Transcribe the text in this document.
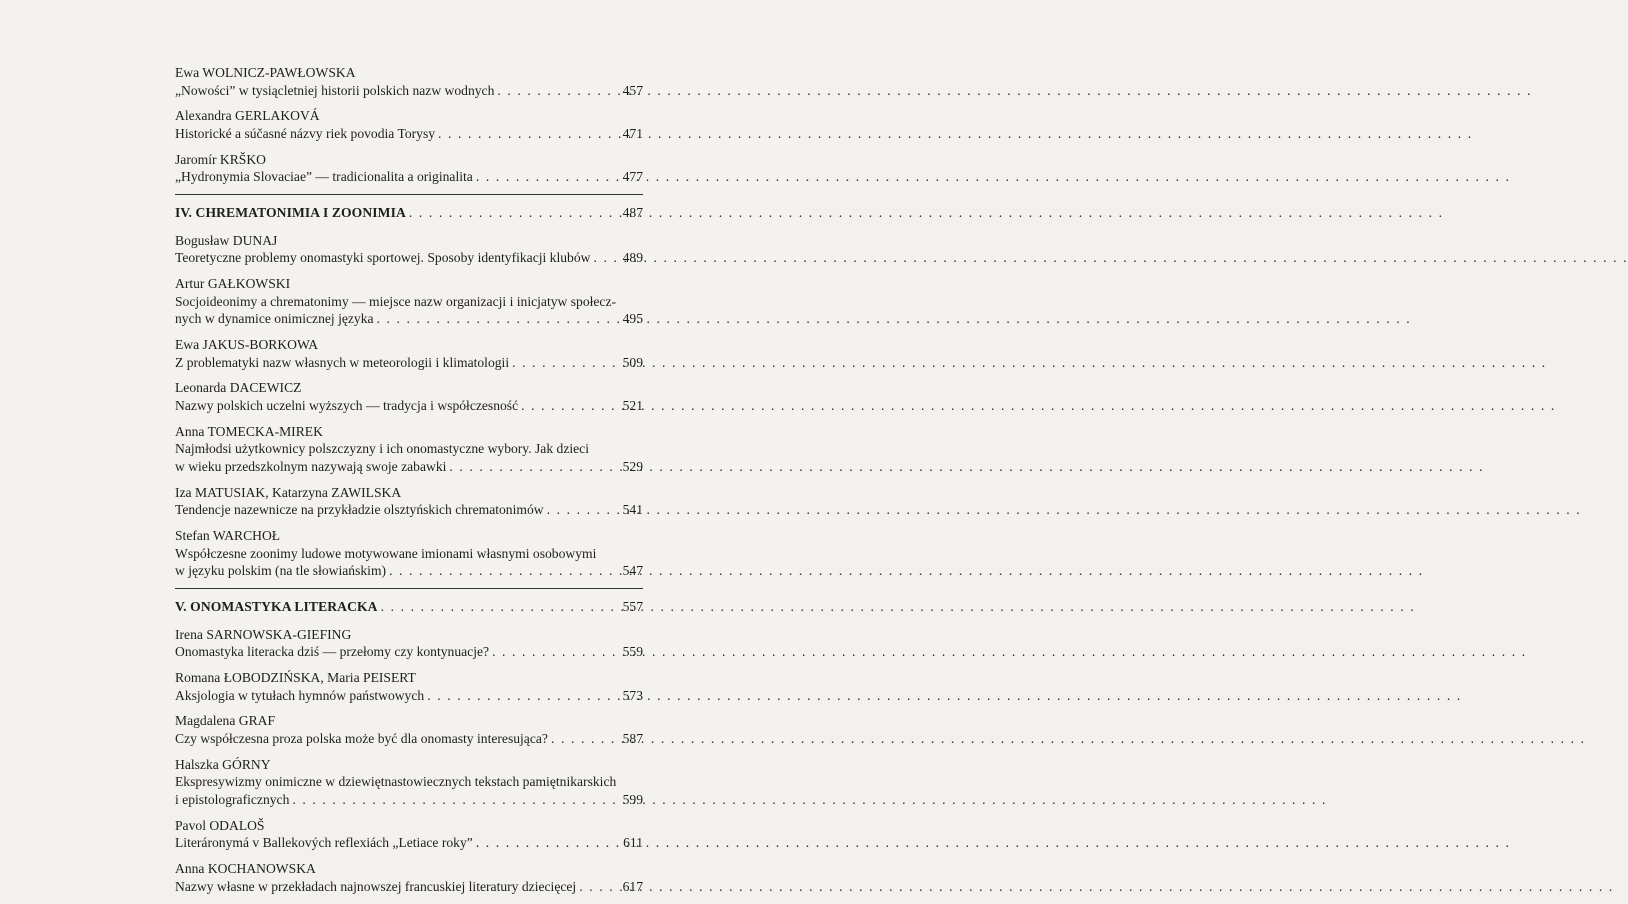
Ewa WOLNICZ-PAWŁOWSKA
„Nowości” w tysiącletniej historii polskich nazw wodnych . . .	457
Alexandra GERLAKOVÁ
Historické a súčasné názvy riek povodia Torysy . . .	471
Jaromír KRŠKO
„Hydronymia Slovaciae” — tradicionalita a originalita . . .	477
IV. CHREMATONIMIA I ZOONIMIA . . .	487
Bogusław DUNAJ
Teoretyczne problemy onomastyki sportowej. Sposoby identyfikacji klubów . . . 489
Artur GAŁKOWSKI
Socjoideonimy a chrematonimy — miejsce nazw organizacji i inicjatyw społecz-
nych w dynamice onimicznej języka . . .	495
Ewa JAKUS-BORKOWA
Z problematyki nazw własnych w meteorologii i klimatologii . . .	509
Leonarda DACEWICZ
Nazwy polskich uczelni wyższych — tradycja i współczesność . . .	521
Anna TOMECKA-MIREK
Najmłodsi użytkownicy polszczyzny i ich onomastyczne wybory. Jak dzieci
w wieku przedszkolnym nazywają swoje zabawki . . .	529
Iza MATUSIAK, Katarzyna ZAWILSKA
Tendencje nazewnicze na przykładzie olsztyńskich chrematonimów . . .	541
Stefan WARCHOŁ
Współczesne zoonimy ludowe motywowane imionami własnymi osobowymi
w języku polskim (na tle słowiańskim) . . .	547
V. ONOMASTYKA LITERACKA . . .	557
Irena SARNOWSKA-GIEFING
Onomastyka literacka dziś — przełomy czy kontynuacje? . . .	559
Romana ŁOBODZIŃSKA, Maria PEISERT
Aksjologia w tytułach hymnów państwowych . . .	573
Magdalena GRAF
Czy współczesna proza polska może być dla onomasty interesująca? . . .	587
Halszka GÓRNY
Ekspresywizmy onimiczne w dziewiętnastowiecznych tekstach pamiętnikarskich
i epistolograficznych . . .	599
Pavol ODALOŠ
Literáronymá v Ballekových reflexiách „Letiace roky” . . .	611
Anna KOCHANOWSKA
Nazwy własne w przekładach najnowszej francuskiej literatury dziecięcej . . .	617
